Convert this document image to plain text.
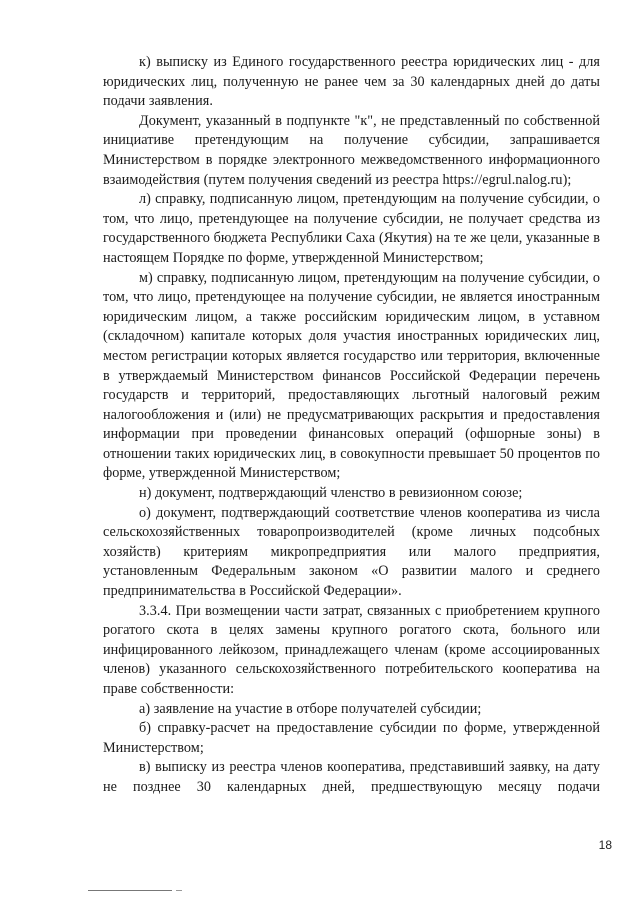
к) выписку из Единого государственного реестра юридических лиц - для юридических лиц, полученную не ранее чем за 30 календарных дней до даты подачи заявления.

Документ, указанный в подпункте "к", не представленный по собственной инициативе претендующим на получение субсидии, запрашивается Министерством в порядке электронного межведомственного информационного взаимодействия (путем получения сведений из реестра https://egrul.nalog.ru);

л) справку, подписанную лицом, претендующим на получение субсидии, о том, что лицо, претендующее на получение субсидии, не получает средства из государственного бюджета Республики Саха (Якутия) на те же цели, указанные в настоящем Порядке по форме, утвержденной Министерством;

м) справку, подписанную лицом, претендующим на получение субсидии, о том, что лицо, претендующее на получение субсидии, не является иностранным юридическим лицом, а также российским юридическим лицом, в уставном (складочном) капитале которых доля участия иностранных юридических лиц, местом регистрации которых является государство или территория, включенные в утверждаемый Министерством финансов Российской Федерации перечень государств и территорий, предоставляющих льготный налоговый режим налогообложения и (или) не предусматривающих раскрытия и предоставления информации при проведении финансовых операций (офшорные зоны) в отношении таких юридических лиц, в совокупности превышает 50 процентов по форме, утвержденной Министерством;

н) документ, подтверждающий членство в ревизионном союзе;

о) документ, подтверждающий соответствие членов кооператива из числа сельскохозяйственных товаропроизводителей (кроме личных подсобных хозяйств) критериям микропредприятия или малого предприятия, установленным Федеральным законом «О развитии малого и среднего предпринимательства в Российской Федерации».

3.3.4. При возмещении части затрат, связанных с приобретением крупного рогатого скота в целях замены крупного рогатого скота, больного или инфицированного лейкозом, принадлежащего членам (кроме ассоциированных членов) указанного сельскохозяйственного потребительского кооператива на праве собственности:

а) заявление на участие в отборе получателей субсидии;

б) справку-расчет на предоставление субсидии по форме, утвержденной Министерством;

в) выписку из реестра членов кооператива, представивший заявку, на дату не позднее 30 календарных дней, предшествующую месяцу подачи

18
